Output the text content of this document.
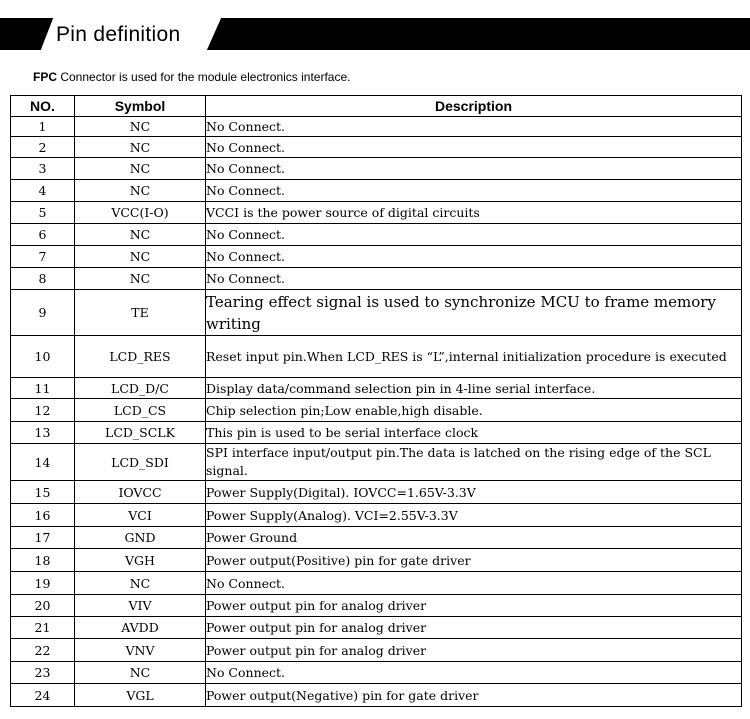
Pin definition
FPC Connector is used for the module electronics interface.
NO.	Symbol	Description
1	NC	No Connect.
2	NC	No Connect.
3	NC	No Connect.
4	NC	No Connect.
5	VCC(I-O)	VCCI is the power source of digital circuits
6	NC	No Connect.
7	NC	No Connect.
8	NC	No Connect.
9	TE	Tearing effect signal is used to synchronize MCU to frame memory writing
10	LCD_RES	Reset input pin.When LCD_RES is “L”,internal initialization procedure is executed
11	LCD_D/C	Display data/command selection pin in 4-line serial interface.
12	LCD_CS	Chip selection pin;Low enable,high disable.
13	LCD_SCLK	This pin is used to be serial interface clock
14	LCD_SDI	SPI interface input/output pin.The data is latched on the rising edge of the SCL signal.
15	IOVCC	Power Supply(Digital). IOVCC=1.65V-3.3V
16	VCI	Power Supply(Analog). VCI=2.55V-3.3V
17	GND	Power Ground
18	VGH	Power output(Positive) pin for gate driver
19	NC	No Connect.
20	VIV	Power output pin for analog driver
21	AVDD	Power output pin for analog driver
22	VNV	Power output pin for analog driver
23	NC	No Connect.
24	VGL	Power output(Negative) pin for gate driver
